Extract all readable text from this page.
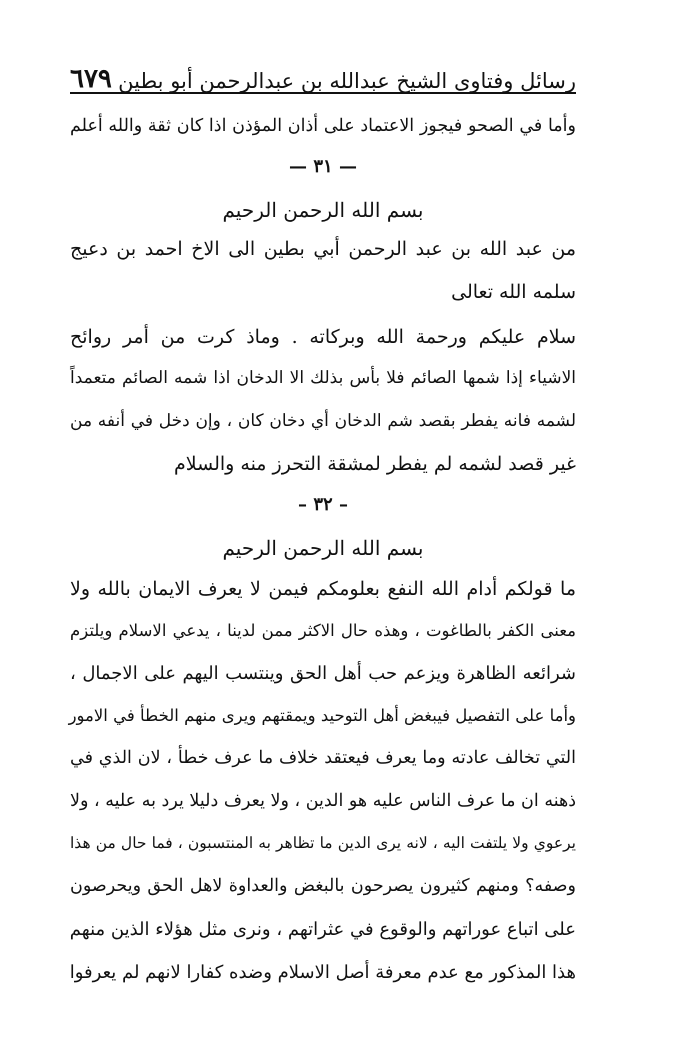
رسائل وفتاوى الشيخ عبدالله بن عبدالرحمن أبو بطين
٦٧٩
وأما في الصحو فيجوز الاعتماد على أذان المؤذن اذا كان ثقة والله أعلم
— ٣١ —
بسم الله الرحمن الرحيم
من عبد الله بن عبد الرحمن أبي بطين الى الاخ احمد بن دعيج
سلمه الله تعالى
سلام عليكم ورحمة الله وبركاته . وماذ كرت من أمر روائح
الاشياء إذا شمها الصائم فلا بأس بذلك الا الدخان اذا شمه الصائم متعمداً
لشمه فانه يفطر بقصد شم الدخان أي دخان كان ، وإن دخل في أنفه من
غير قصد لشمه لم يفطر لمشقة التحرز منه والسلام
– ٣٢ –
بسم الله الرحمن الرحيم
ما قولكم أدام الله النفع بعلومكم فيمن لا يعرف الايمان بالله ولا
معنى الكفر بالطاغوت ، وهذه حال الاكثر ممن لدينا ، يدعي الاسلام ويلتزم
شرائعه الظاهرة ويزعم حب أهل الحق وينتسب اليهم على الاجمال ،
وأما على التفصيل فيبغض أهل التوحيد ويمقتهم ويرى منهم الخطأ في الامور
التي تخالف عادته وما يعرف فيعتقد خلاف ما عرف خطأ ، لان الذي في
ذهنه ان ما عرف الناس عليه هو الدين ، ولا يعرف دليلا يرد به عليه ، ولا
يرعوي ولا يلتفت اليه ، لانه يرى الدين ما تظاهر به المنتسبون ، فما حال من هذا
وصفه؟ ومنهم كثيرون يصرحون بالبغض والعداوة لاهل الحق ويحرصون
على اتباع عوراتهم والوقوع في عثراتهم ، ونرى مثل هؤلاء الذين منهم
هذا المذكور مع عدم معرفة أصل الاسلام وضده كفارا لانهم لم يعرفوا
